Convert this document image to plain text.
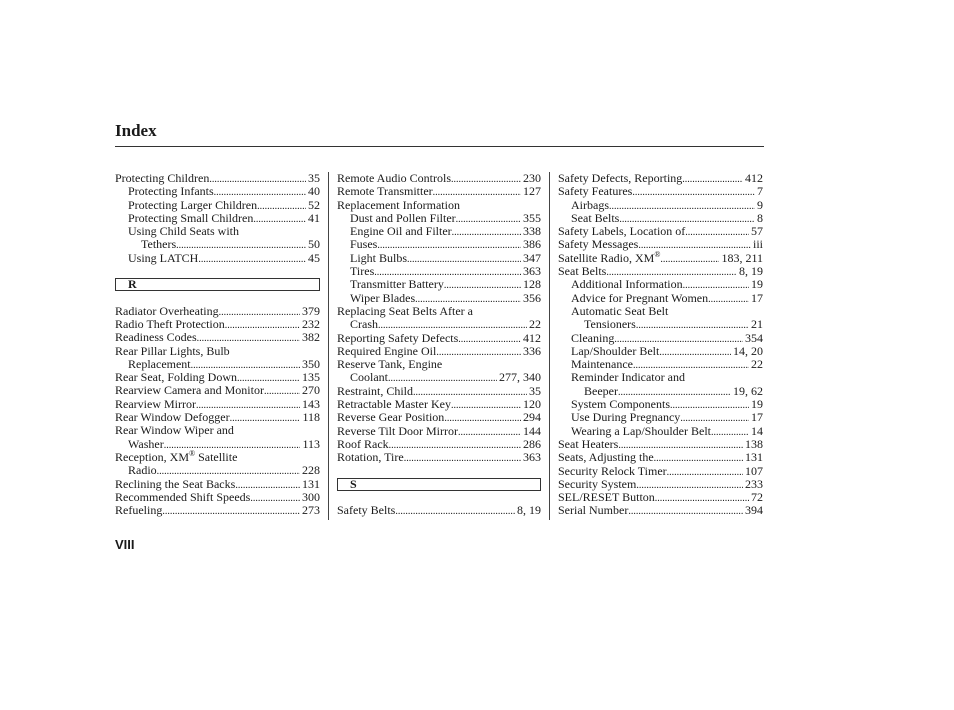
Index
Protecting Children .....	35
Protecting Infants .....	40
Protecting Larger Children .....	52
Protecting Small Children .....	41
Using Child Seats with
Tethers .....	50
Using LATCH .....	45
R
Radiator Overheating .....	379
Radio Theft Protection .....	232
Readiness Codes .....	382
Rear Pillar Lights, Bulb
Replacement .....	350
Rear Seat, Folding Down .....	135
Rearview Camera and Monitor .....	270
Rearview Mirror .....	143
Rear Window Defogger .....	118
Rear Window Wiper and
Washer .....	113
Reception, XM® Satellite
Radio .....	228
Reclining the Seat Backs .....	131
Recommended Shift Speeds .....	300
Refueling .....	273
Remote Audio Controls .....	230
Remote Transmitter .....	127
Replacement Information
Dust and Pollen Filter .....	355
Engine Oil and Filter .....	338
Fuses .....	386
Light Bulbs .....	347
Tires .....	363
Transmitter Battery .....	128
Wiper Blades .....	356
Replacing Seat Belts After a
Crash .....	22
Reporting Safety Defects .....	412
Required Engine Oil .....	336
Reserve Tank, Engine
Coolant .....	277, 340
Restraint, Child .....	35
Retractable Master Key .....	120
Reverse Gear Position .....	294
Reverse Tilt Door Mirror .....	144
Roof Rack .....	286
Rotation, Tire .....	363
S
Safety Belts .....	8, 19
Safety Defects, Reporting .....	412
Safety Features .....	7
Airbags .....	9
Seat Belts .....	8
Safety Labels, Location of .....	57
Safety Messages .....	iii
Satellite Radio, XM® .....	183, 211
Seat Belts .....	8, 19
Additional Information .....	19
Advice for Pregnant Women .....	17
Automatic Seat Belt
Tensioners .....	21
Cleaning .....	354
Lap/Shoulder Belt .....	14, 20
Maintenance .....	22
Reminder Indicator and
Beeper .....	19, 62
System Components .....	19
Use During Pregnancy .....	17
Wearing a Lap/Shoulder Belt .....	14
Seat Heaters .....	138
Seats, Adjusting the .....	131
Security Relock Timer .....	107
Security System .....	233
SEL/RESET Button .....	72
Serial Number .....	394
VIII
